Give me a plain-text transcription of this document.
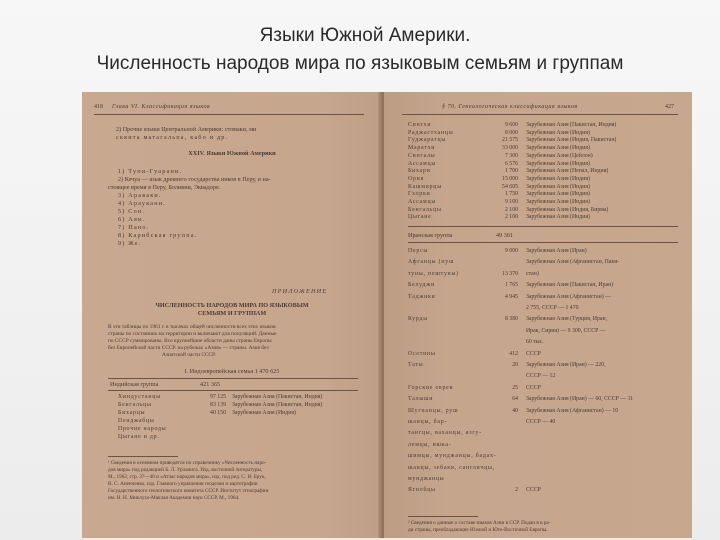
Языки Южной Америки.
Численность народов мира по языковым семьям и группам
418 Глава VI. Классификация языков
2) Прочие языки Центральной Америки: стомаки, ми
сквита матагальпа, кабо и др.
XXIV. Языки Южной Америки
1) Тупи-Гуарани.
2) Кечуа — язык древнего государства инков в Перу, в на-
стоящее время в Перу, Боливии, Эквадоре.
3) Араваки.
4) Араукани.
5) Сон.
6) Аяи.
7) Пано.
8) Карибская группа.
9) Же.
ПРИЛОЖЕНИЕ
ЧИСЛЕННОСТЬ НАРОДОВ МИРА ПО ЯЗЫКОВЫМ
СЕМЬЯМ И ГРУППАМ
В эти таблицы по 1961 г. в тысячах общей численности всех этих языков
страны по состоянию на территории и включают для популяций. Данные
по СССР суммированы. Все крупнейшие области даны страны Европы
без Европейской части СССР. на рубежах «Азия» — страны. Азия без
Азиатской части СССР.
I. Индоевропейская семья 1 470 625
Индийская группа	421 365
Хиндустанцы	97 125 Зарубежная Азия (Пакистан, Индия)
Бенгальцы	83 139 Зарубежная Азия (Пакистан, Индия)
Бихарцы	40 150 Зарубежная Азия (Индия)
Пенджабцы
Прочие народы
Цыгане и др.
¹ Сведения в основном приводятся по справочнику «Численность наро-
дов мира» под редакцией Б. Л. Урланиса. Изд. восточной литературы,
М., 1962, стр. 37—40 и «Атлас народов мира», изд. под ред. С. И. Брук,
В. С. Апенченко, изд. Главного управления геодезии и картографии
Государственного геологического комитета СССР. Институт этнографии
им. Н. Н. Миклухо-Маклая Академии наук СССР, М., 1964.
§ 70. Генеалогическая классификация языков	427
Сингхи	9 600 Зарубежная Азия (Пакистан, Индия)
Раджастханцы	8 000 Зарубежная Азия (Индия)
Гуджаратцы	21 575 Зарубежная Азия (Индия, Пакистан)
Маратхи	33 000 Зарубежная Азия (Индия)
Сингалы	7 300 Зарубежная Азия (Цейлон)
Ассамцы	6 576 Зарубежная Азия (Индия)
Бихари	1 700 Зарубежная Азия (Непал, Индия)
Ория	15 000 Зарубежная Азия (Индия)
Кашмирцы	54 605 Зарубежная Азия (Индия)
Гхорки	1 750 Зарубежная Азия (Индия)
Ассамцы	9 100 Зарубежная Азия (Индия)
Бенгальцы	2 100 Зарубежная Азия (Индия, Бирма)
Цыгане	2 100 Зарубежная Азия (Индия)
Иранская группа	49 361
Персы	9 000 Зарубежная Азия (Иран)
Афганцы (пуш	Зарубежная Азия (Афганистан, Паки-
туны, пештуны)	13 370 стан)
Белуджи	1 765 Зарубежная Азия (Пакистан, Иран)
Таджики	4 945 Зарубежная Азия (Афганистан) —
2 755, СССР — 1 470
Курды	8 380 Зарубежная Азия (Турция, Иран,
Ирак, Сирия) — 9 300, СССР —
60 тыс.
Осетины	412 СССР
Таты	20 Зарубежная Азия (Иран) — 220,
СССР — 12
Горские евреи	25 СССР
Талыши	64 Зарубежная Азия (Иран) — 60, СССР — 11
Шугнанцы, руш	40 Зарубежная Азия (Афганистан) — 10
шанцы, бар-	СССР — 40
тангцы, ваханцы, язгу-
лемцы, ишка-
шимцы, мунджанцы, бадах-
шанцы, зебаки, сангличцы,
мунджанцы
Ягнобцы	2 СССР
² Сведения о данные о составе языков Азии в ССР. Подан в в ра-
ди страны, преобладающие Южной и Юго-Восточной Европы.
